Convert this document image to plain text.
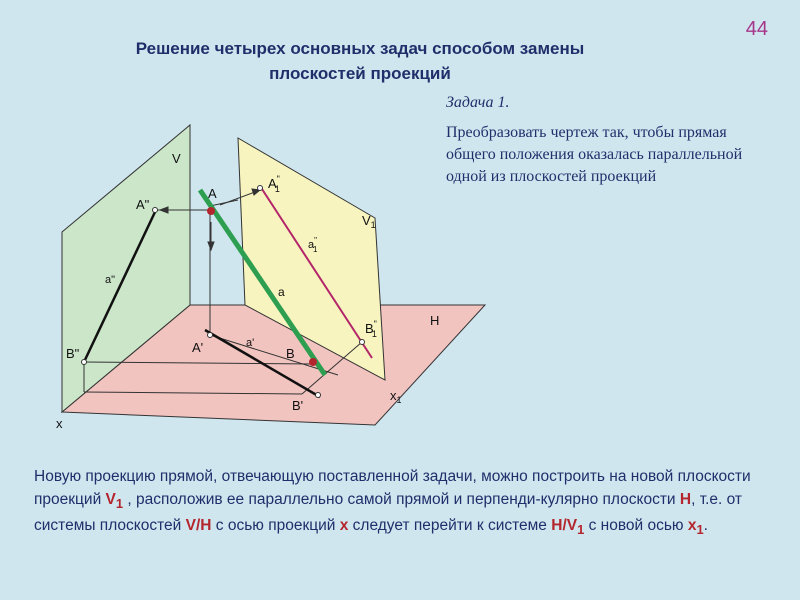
44
Решение четырех основных задач способом замены
плоскостей проекций
Задача 1.
Преобразовать чертеж так, чтобы прямая общего положения оказалась параллельной одной из плоскостей проекций
V
$V_1$
H
x
$x_1$
A
A"
A" 1
A'
a"
a" 1
a
a'
B
B"
B" 1
B'
Новую проекцию прямой, отвечающую поставленной задачи, можно построить на новой плоскости проекций $V_1$ , расположив ее параллельно самой прямой и перпенди-кулярно плоскости H, т.е. от системы плоскостей V/H с осью проекций x следует перейти к системе $H/V_1$ с новой осью $x_1$.
